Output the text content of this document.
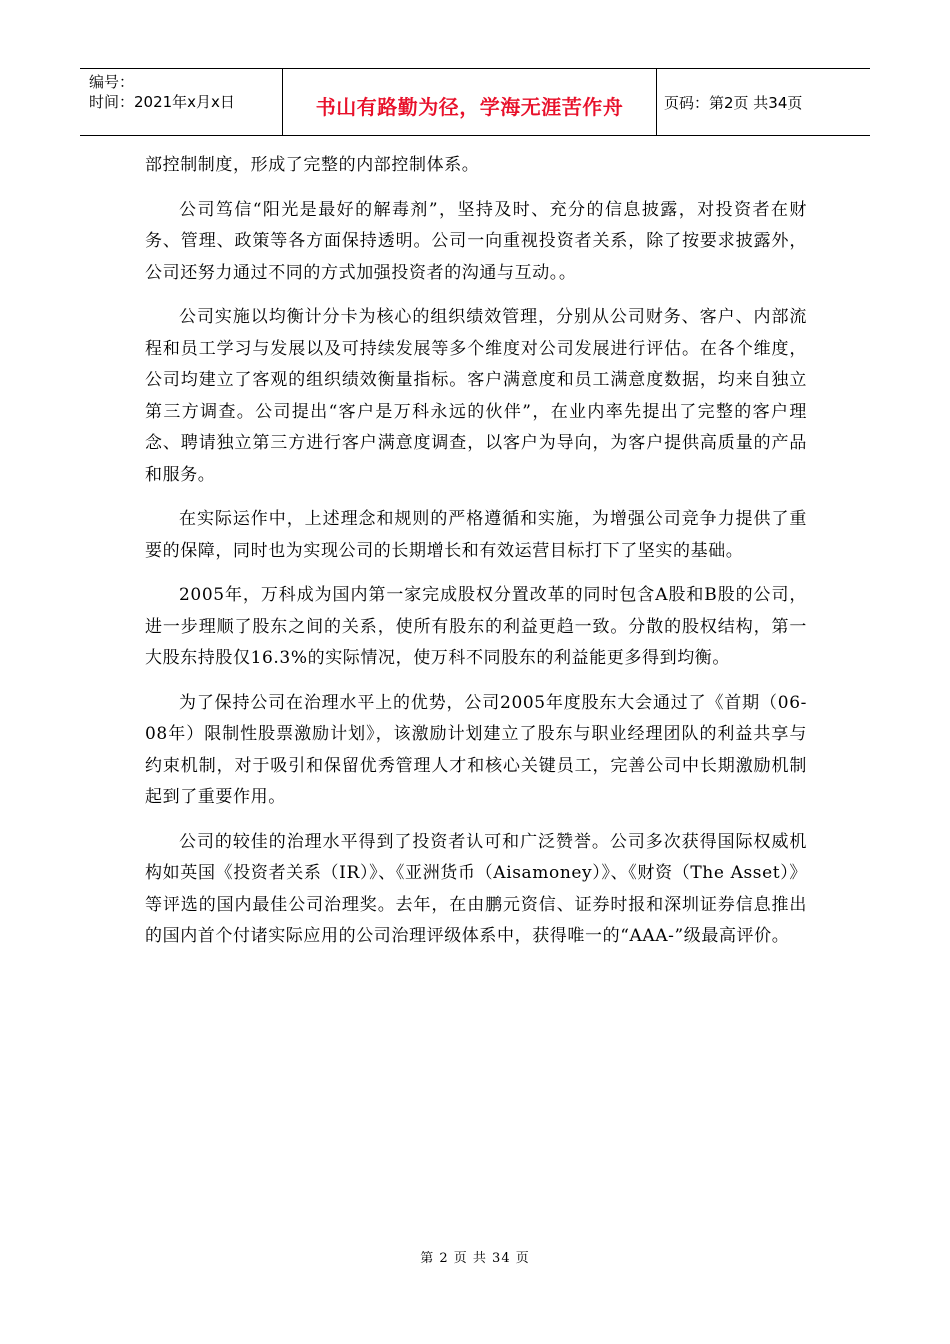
编号：
时间：2021年x月x日	书山有路勤为径，学海无涯苦作舟	页码：第2页 共34页

部控制制度，形成了完整的内部控制体系。

公司笃信“阳光是最好的解毒剂”，坚持及时、充分的信息披露，对投资者在财务、管理、政策等各方面保持透明。公司一向重视投资者关系，除了按要求披露外，公司还努力通过不同的方式加强投资者的沟通与互动。。

公司实施以均衡计分卡为核心的组织绩效管理，分别从公司财务、客户、内部流程和员工学习与发展以及可持续发展等多个维度对公司发展进行评估。在各个维度，公司均建立了客观的组织绩效衡量指标。客户满意度和员工满意度数据，均来自独立第三方调查。公司提出“客户是万科永远的伙伴”，在业内率先提出了完整的客户理念、聘请独立第三方进行客户满意度调查，以客户为导向，为客户提供高质量的产品和服务。

在实际运作中，上述理念和规则的严格遵循和实施，为增强公司竞争力提供了重要的保障，同时也为实现公司的长期增长和有效运营目标打下了坚实的基础。

2005年，万科成为国内第一家完成股权分置改革的同时包含A股和B股的公司，进一步理顺了股东之间的关系，使所有股东的利益更趋一致。分散的股权结构，第一大股东持股仅16.3%的实际情况，使万科不同股东的利益能更多得到均衡。

为了保持公司在治理水平上的优势，公司2005年度股东大会通过了《首期（06-08年）限制性股票激励计划》，该激励计划建立了股东与职业经理团队的利益共享与约束机制，对于吸引和保留优秀管理人才和核心关键员工，完善公司中长期激励机制起到了重要作用。

公司的较佳的治理水平得到了投资者认可和广泛赞誉。公司多次获得国际权威机构如英国《投资者关系（IR）》、《亚洲货币（Aisamoney）》、《财资（The Asset）》等评选的国内最佳公司治理奖。去年，在由鹏元资信、证券时报和深圳证券信息推出的国内首个付诸实际应用的公司治理评级体系中，获得唯一的“AAA-”级最高评价。

第 2 页 共 34 页
